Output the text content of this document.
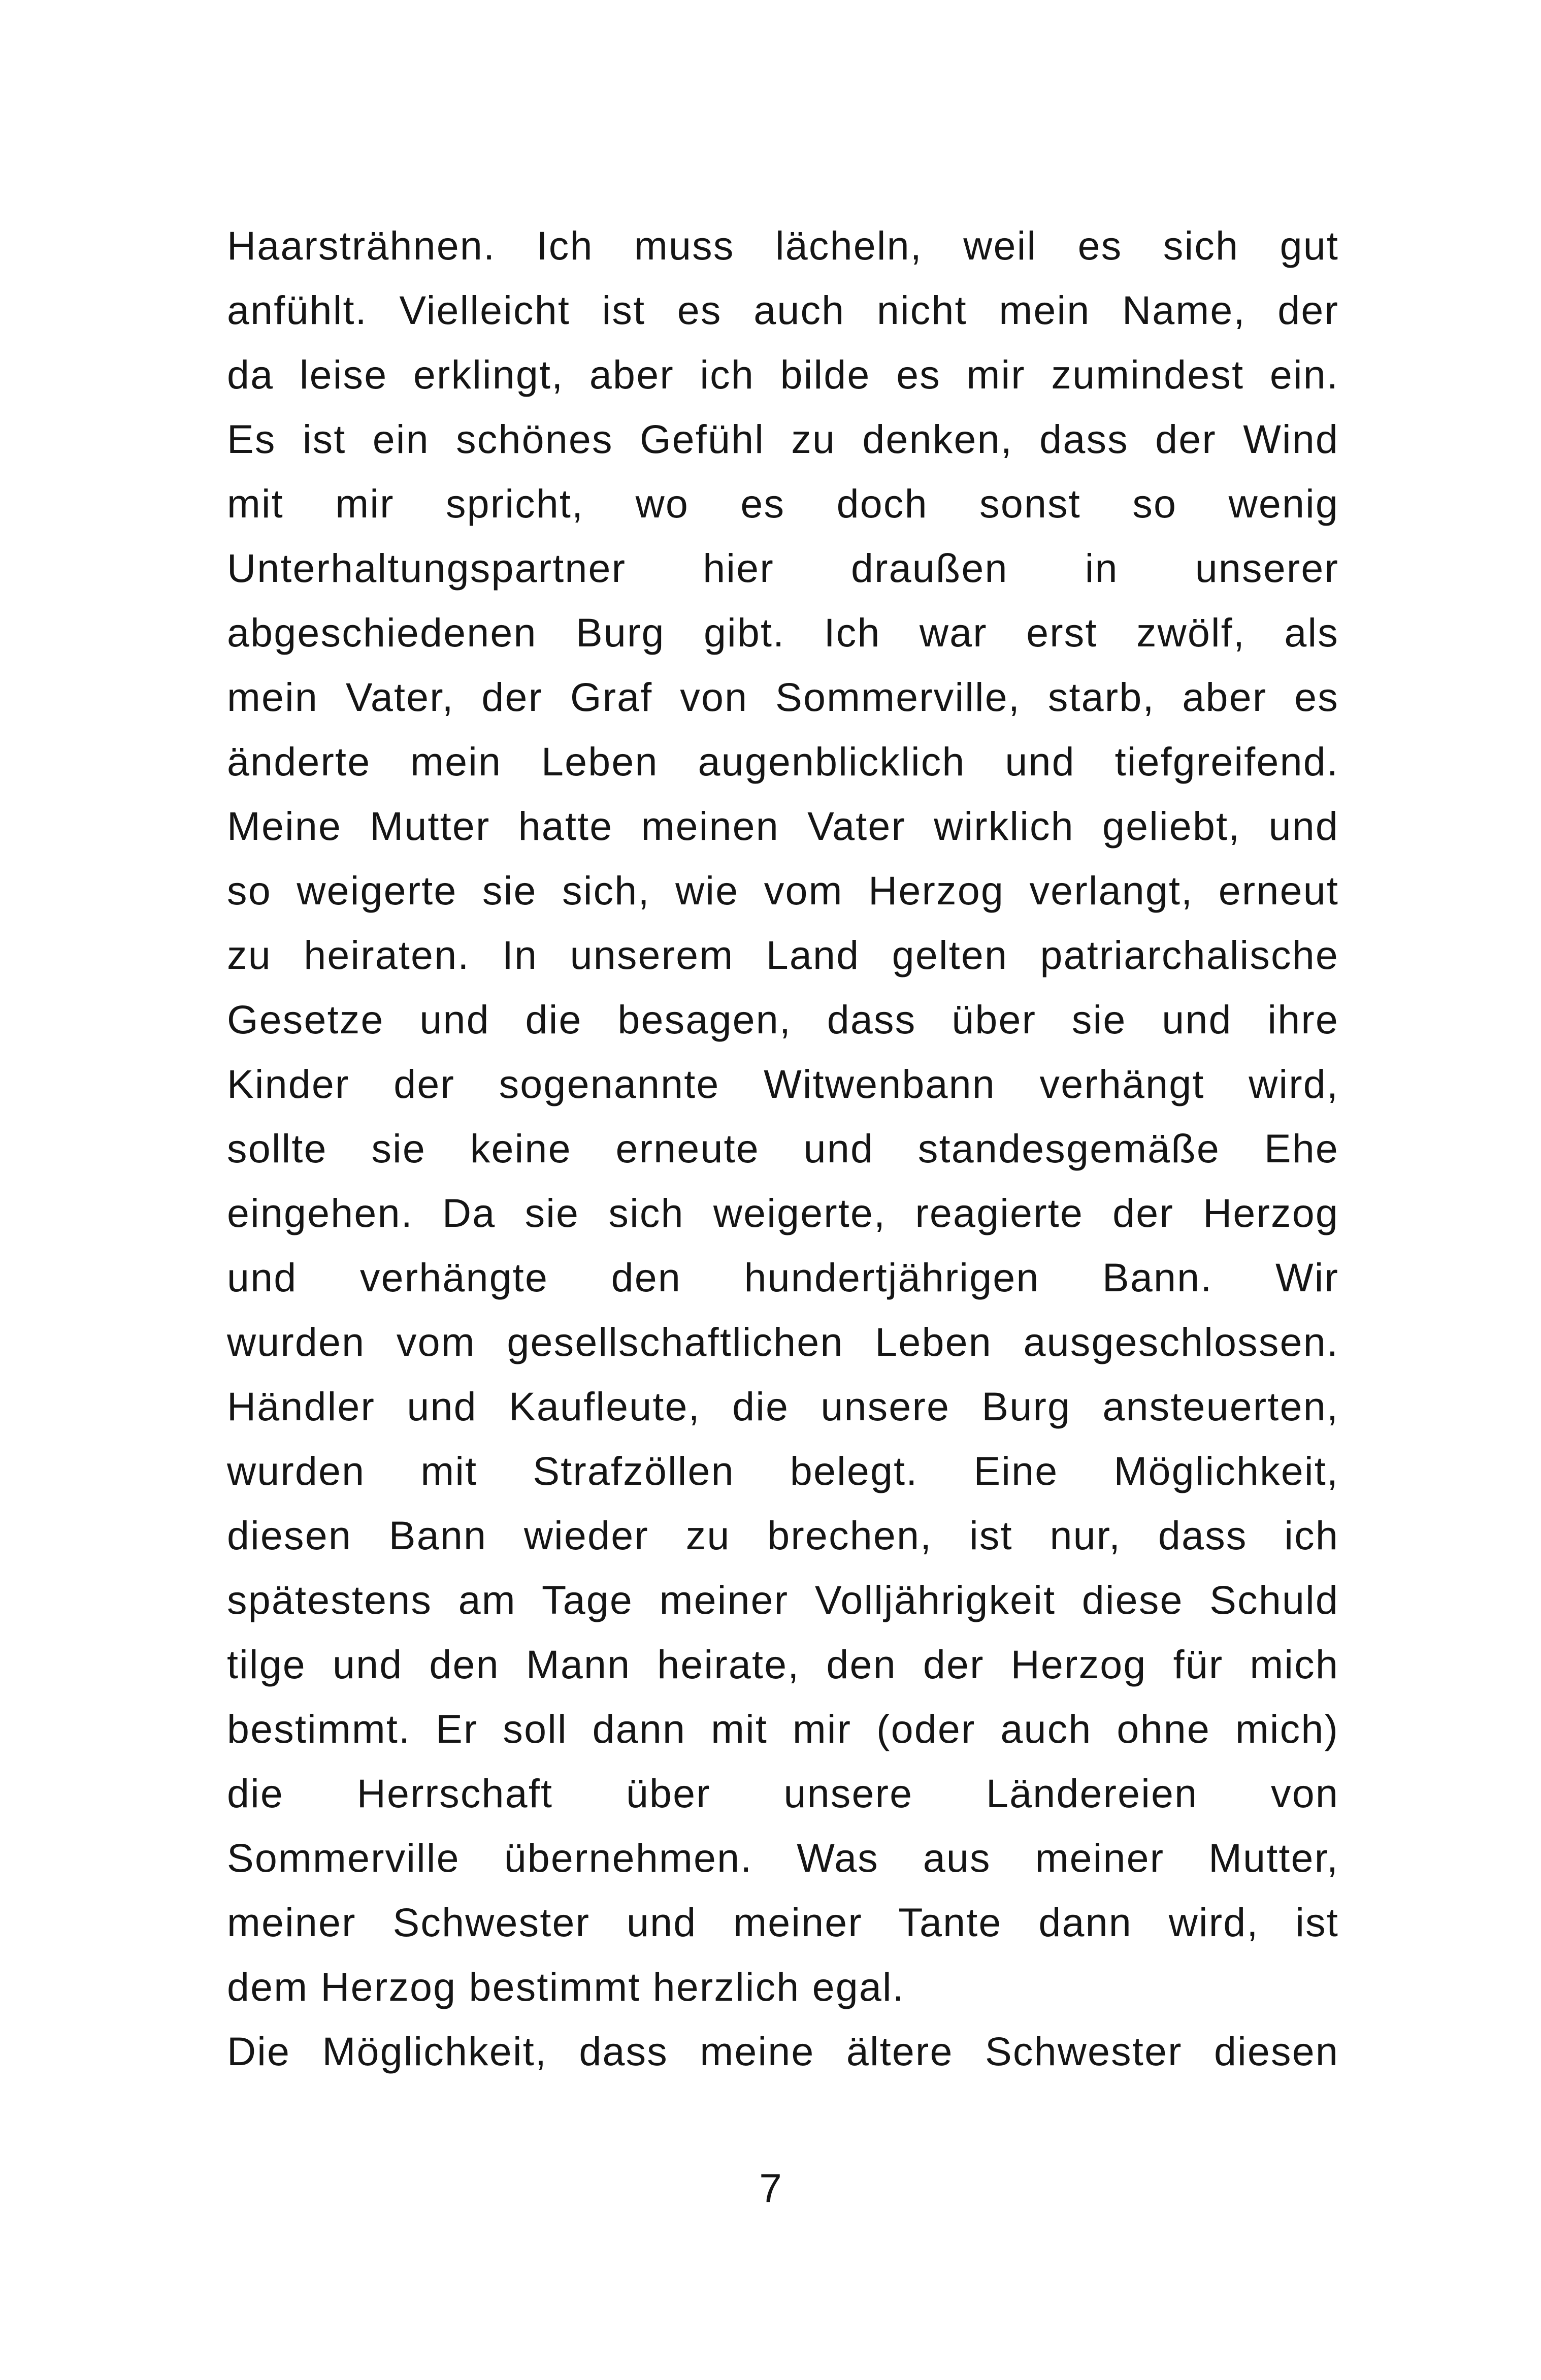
Haarsträhnen. Ich muss lächeln, weil es sich gut
anfühlt. Vielleicht ist es auch nicht mein Name, der
da leise erklingt, aber ich bilde es mir zumindest ein.
Es ist ein schönes Gefühl zu denken, dass der Wind
mit mir spricht, wo es doch sonst so wenig
Unterhaltungspartner hier draußen in unserer
abgeschiedenen Burg gibt. Ich war erst zwölf, als
mein Vater, der Graf von Sommerville, starb, aber es
änderte mein Leben augenblicklich und tiefgreifend.
Meine Mutter hatte meinen Vater wirklich geliebt, und
so weigerte sie sich, wie vom Herzog verlangt, erneut
zu heiraten. In unserem Land gelten patriarchalische
Gesetze und die besagen, dass über sie und ihre
Kinder der sogenannte Witwenbann verhängt wird,
sollte sie keine erneute und standesgemäße Ehe
eingehen. Da sie sich weigerte, reagierte der Herzog
und verhängte den hundertjährigen Bann. Wir
wurden vom gesellschaftlichen Leben ausgeschlossen.
Händler und Kaufleute, die unsere Burg ansteuerten,
wurden mit Strafzöllen belegt. Eine Möglichkeit,
diesen Bann wieder zu brechen, ist nur, dass ich
spätestens am Tage meiner Volljährigkeit diese Schuld
tilge und den Mann heirate, den der Herzog für mich
bestimmt. Er soll dann mit mir (oder auch ohne mich)
die Herrschaft über unsere Ländereien von
Sommerville übernehmen. Was aus meiner Mutter,
meiner Schwester und meiner Tante dann wird, ist
dem Herzog bestimmt herzlich egal.
Die Möglichkeit, dass meine ältere Schwester diesen
7
